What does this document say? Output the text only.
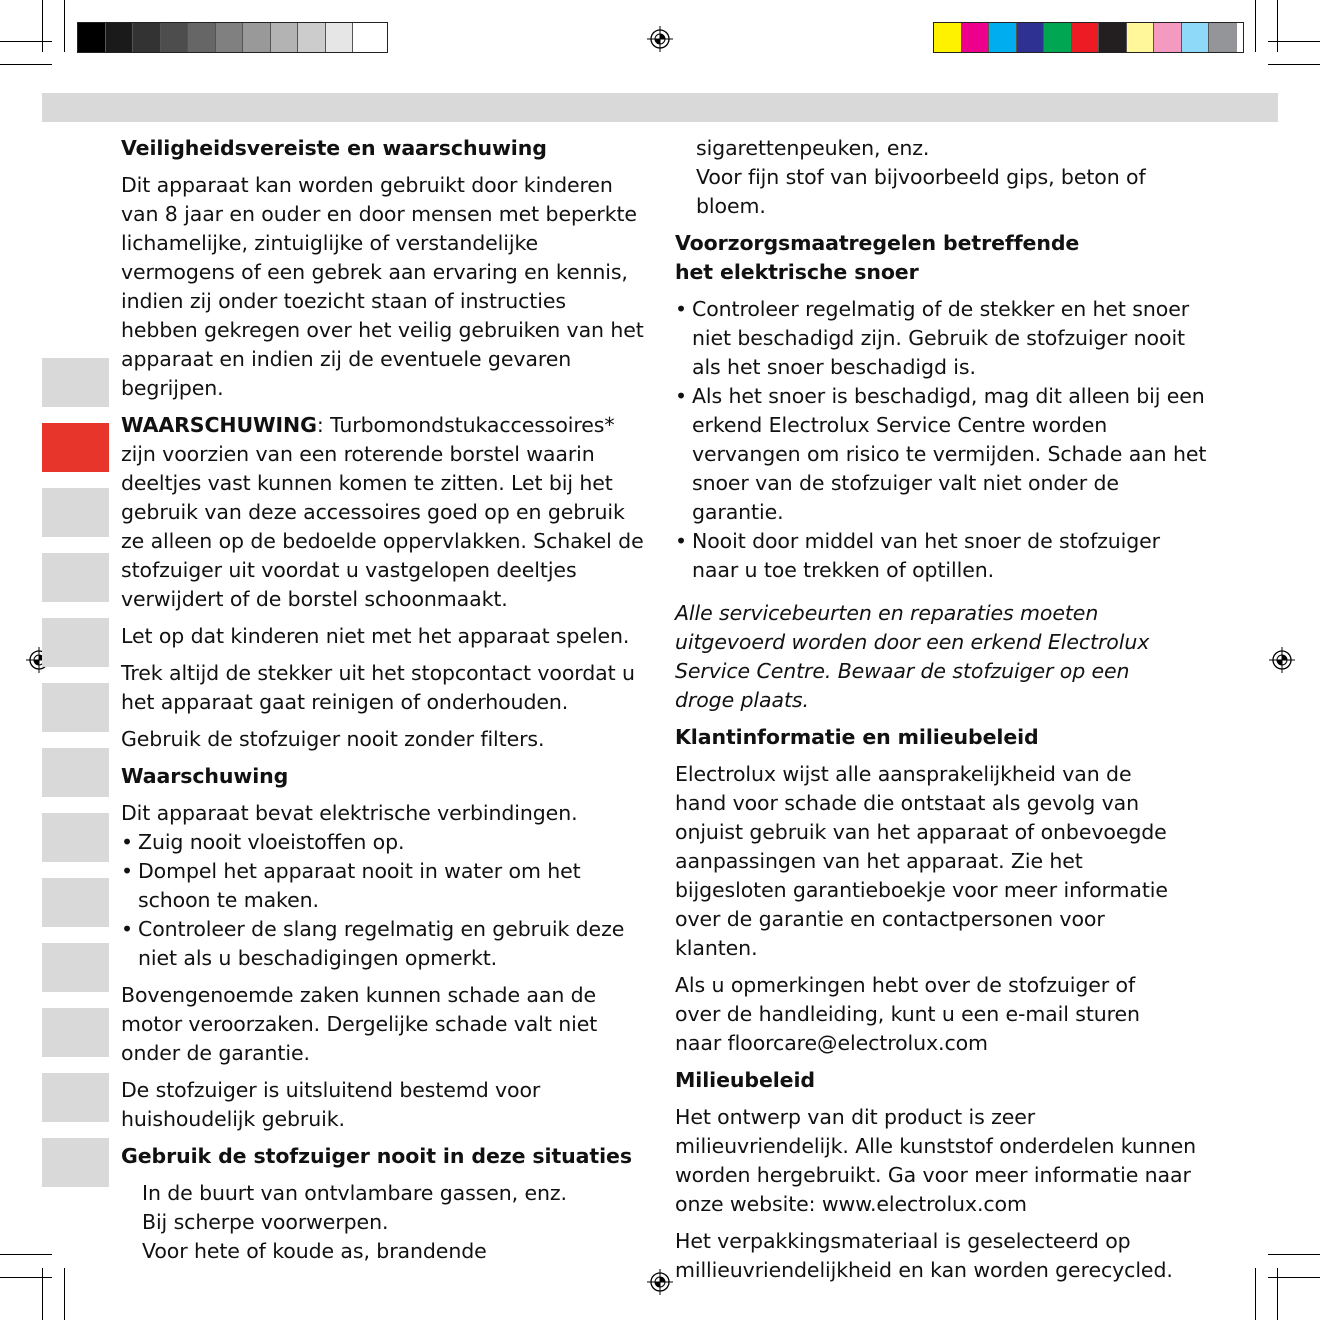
Veiligheidsvereiste en waarschuwing

Dit apparaat kan worden gebruikt door kinderen van 8 jaar en ouder en door mensen met beperkte lichamelijke, zintuiglijke of verstandelijke vermogens of een gebrek aan ervaring en kennis, indien zij onder toezicht staan of instructies hebben gekregen over het veilig gebruiken van het apparaat en indien zij de eventuele gevaren begrijpen.

WAARSCHUWING: Turbomondstukaccessoires* zijn voorzien van een roterende borstel waarin deeltjes vast kunnen komen te zitten. Let bij het gebruik van deze accessoires goed op en gebruik ze alleen op de bedoelde oppervlakken. Schakel de stofzuiger uit voordat u vastgelopen deeltjes verwijdert of de borstel schoonmaakt.

Let op dat kinderen niet met het apparaat spelen.

Trek altijd de stekker uit het stopcontact voordat u het apparaat gaat reinigen of onderhouden.

Gebruik de stofzuiger nooit zonder filters.

Waarschuwing

Dit apparaat bevat elektrische verbindingen.

• Zuig nooit vloeistoffen op.
• Dompel het apparaat nooit in water om het schoon te maken.
• Controleer de slang regelmatig en gebruik deze niet als u beschadigingen opmerkt.

Bovengenoemde zaken kunnen schade aan de motor veroorzaken. Dergelijke schade valt niet onder de garantie.

De stofzuiger is uitsluitend bestemd voor huishoudelijk gebruik.

Gebruik de stofzuiger nooit in deze situaties

In de buurt van ontvlambare gassen, enz.
Bij scherpe voorwerpen.
Voor hete of koude as, brandende
sigarettenpeuken, enz.
Voor fijn stof van bijvoorbeeld gips, beton of bloem.

Voorzorgsmaatregelen betreffende het elektrische snoer

• Controleer regelmatig of de stekker en het snoer niet beschadigd zijn. Gebruik de stofzuiger nooit als het snoer beschadigd is.
• Als het snoer is beschadigd, mag dit alleen bij een erkend Electrolux Service Centre worden vervangen om risico te vermijden. Schade aan het snoer van de stofzuiger valt niet onder de garantie.
• Nooit door middel van het snoer de stofzuiger naar u toe trekken of optillen.

Alle servicebeurten en reparaties moeten uitgevoerd worden door een erkend Electrolux Service Centre. Bewaar de stofzuiger op een droge plaats.

Klantinformatie en milieubeleid

Electrolux wijst alle aansprakelijkheid van de hand voor schade die ontstaat als gevolg van onjuist gebruik van het apparaat of onbevoegde aanpassingen van het apparaat. Zie het bijgesloten garantieboekje voor meer informatie over de garantie en contactpersonen voor klanten.

Als u opmerkingen hebt over de stofzuiger of over de handleiding, kunt u een e-mail sturen naar floorcare@electrolux.com

Milieubeleid

Het ontwerp van dit product is zeer milieuvriendelijk. Alle kunststof onderdelen kunnen worden hergebruikt. Ga voor meer informatie naar onze website: www.electrolux.com

Het verpakkingsmateriaal is geselecteerd op millieuvriendelijkheid en kan worden gerecycled.
